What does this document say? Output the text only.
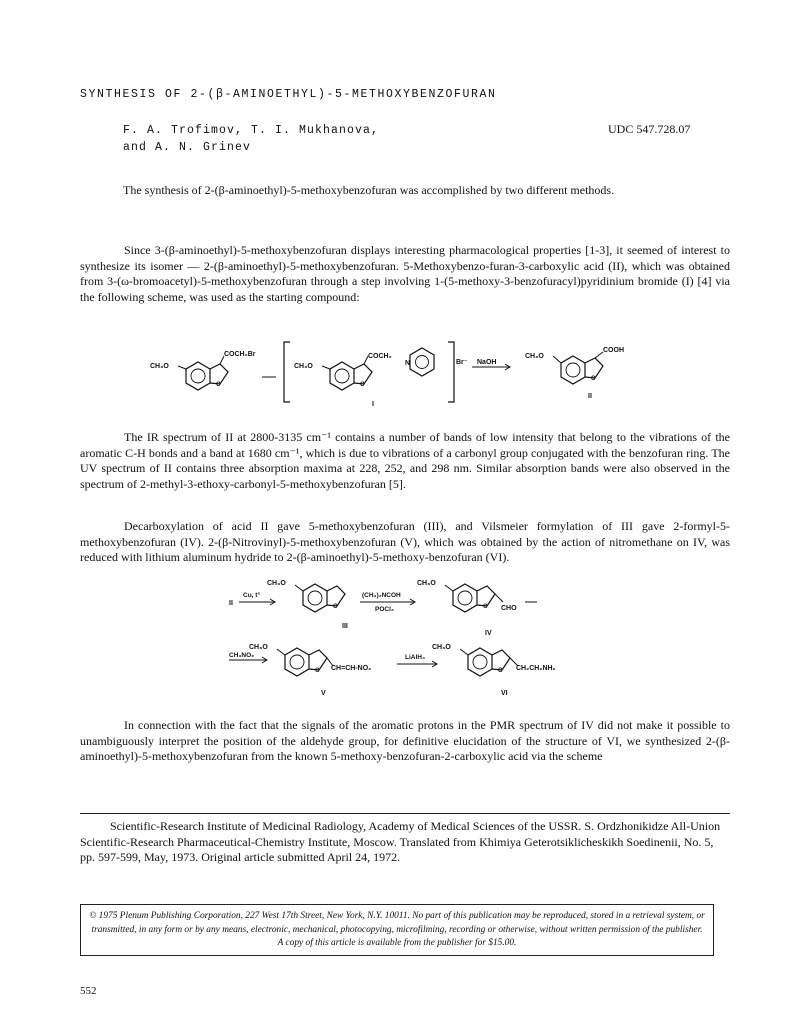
SYNTHESIS OF 2-(β-AMINOETHYL)-5-METHOXYBENZOFURAN
F. A. Trofimov, T. I. Mukhanova,
and A. N. Grinev
UDC 547.728.07
The synthesis of 2-(β-aminoethyl)-5-methoxybenzofuran was accomplished by two different methods.
Since 3-(β-aminoethyl)-5-methoxybenzofuran displays interesting pharmacological properties [1-3], it seemed of interest to synthesize its isomer — 2-(β-aminoethyl)-5-methoxybenzofuran. 5-Methoxybenzo-furan-3-carboxylic acid (II), which was obtained from 3-(ω-bromoacetyl)-5-methoxybenzofuran through a step involving 1-(5-methoxy-3-benzofuracyl)pyridinium bromide (I) [4] via the following scheme, was used as the starting compound:
CH₃O
O
COCH₂Br
CH₃O
O
COCH₂
N	Br⁻ NaOH
CH₃O
O
COOH
I
II
The IR spectrum of II at 2800-3135 cm⁻¹ contains a number of bands of low intensity that belong to the vibrations of the aromatic C-H bonds and a band at 1680 cm⁻¹, which is due to vibrations of a carbonyl group conjugated with the benzofuran ring. The UV spectrum of II contains three absorption maxima at 228, 252, and 298 nm. Similar absorption bands were also observed in the spectrum of 2-methyl-3-ethoxy-carbonyl-5-methoxybenzofuran [5].
Decarboxylation of acid II gave 5-methoxybenzofuran (III), and Vilsmeier formylation of III gave 2-formyl-5-methoxybenzofuran (IV). 2-(β-Nitrovinyl)-5-methoxybenzofuran (V), which was obtained by the action of nitromethane on IV, was reduced with lithium aluminum hydride to 2-(β-aminoethyl)-5-methoxy-benzofuran (VI).
II
Cu, t°
CH₃O
O
III
(CH₃)₂NCOH
POCl₃
CH₃O
O CHO
IV
CH₃NO₂
CH₃O
O CH=CH-NO₂
V
LiAlH₄
CH₃O
O CH₂CH₂NH₂
VI
In connection with the fact that the signals of the aromatic protons in the PMR spectrum of IV did not make it possible to unambiguously interpret the position of the aldehyde group, for definitive elucidation of the structure of VI, we synthesized 2-(β-aminoethyl)-5-methoxybenzofuran from the known 5-methoxy-benzofuran-2-carboxylic acid via the scheme
Scientific-Research Institute of Medicinal Radiology, Academy of Medical Sciences of the USSR. S. Ordzhonikidze All-Union Scientific-Research Pharmaceutical-Chemistry Institute, Moscow. Translated from Khimiya Geterotsiklicheskikh Soedinenii, No. 5, pp. 597-599, May, 1973. Original article submitted April 24, 1972.
© 1975 Plenum Publishing Corporation, 227 West 17th Street, New York, N.Y. 10011. No part of this publication may be reproduced, stored in a retrieval system, or transmitted, in any form or by any means, electronic, mechanical, photocopying, microfilming, recording or otherwise, without written permission of the publisher. A copy of this article is available from the publisher for $15.00.
552
